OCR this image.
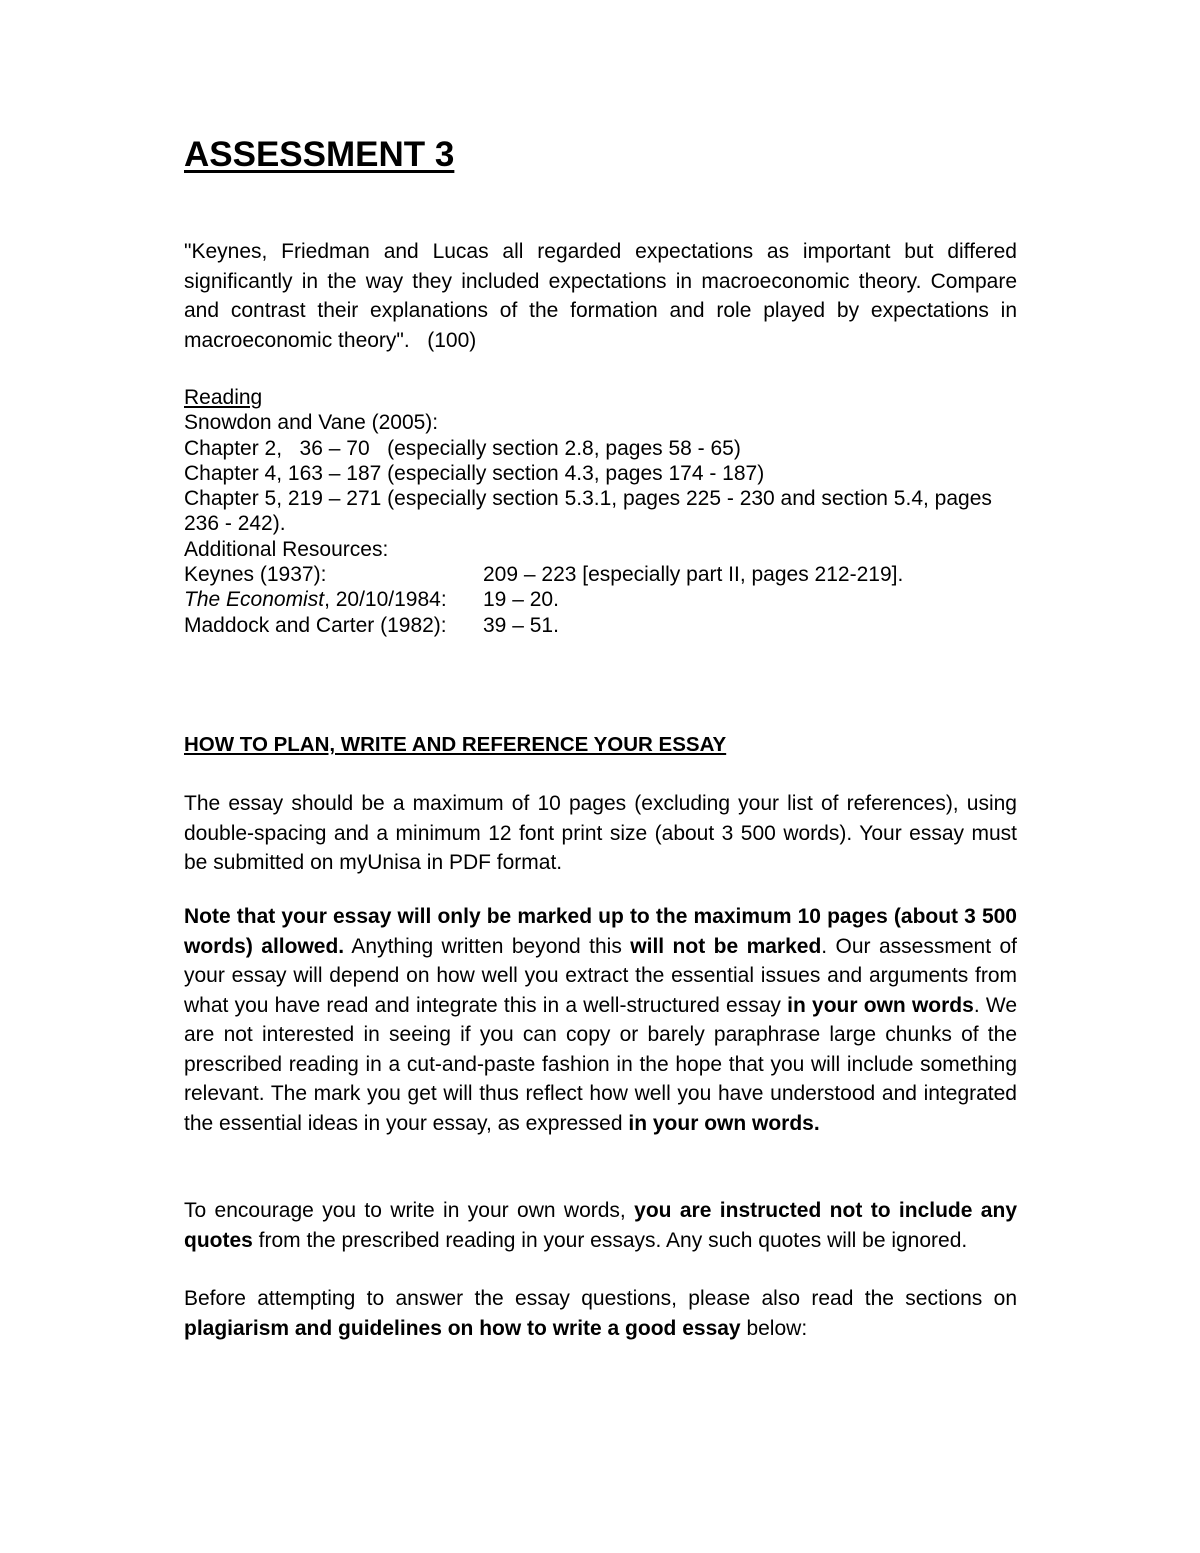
ASSESSMENT 3

"Keynes, Friedman and Lucas all regarded expectations as important but differed significantly in the way they included expectations in macroeconomic theory. Compare and contrast their explanations of the formation and role played by expectations in macroeconomic theory". (100)

Reading
Snowdon and Vane (2005):
Chapter 2,   36 – 70   (especially section 2.8, pages 58 - 65)
Chapter 4, 163 – 187 (especially section 4.3, pages 174 - 187)
Chapter 5, 219 – 271 (especially section 5.3.1, pages 225 - 230 and section 5.4, pages
236 - 242).
Additional Resources:
Keynes (1937):	209 – 223 [especially part II, pages 212-219].
The Economist, 20/10/1984:	19 – 20.
Maddock and Carter (1982):	39 – 51.
HOW TO PLAN, WRITE AND REFERENCE YOUR ESSAY

The essay should be a maximum of 10 pages (excluding your list of references), using double-spacing and a minimum 12 font print size (about 3 500 words). Your essay must be submitted on myUnisa in PDF format.

Note that your essay will only be marked up to the maximum 10 pages (about 3 500 words) allowed. Anything written beyond this will not be marked. Our assessment of your essay will depend on how well you extract the essential issues and arguments from what you have read and integrate this in a well-structured essay in your own words. We are not interested in seeing if you can copy or barely paraphrase large chunks of the prescribed reading in a cut-and-paste fashion in the hope that you will include something relevant. The mark you get will thus reflect how well you have understood and integrated the essential ideas in your essay, as expressed in your own words.

To encourage you to write in your own words, you are instructed not to include any quotes from the prescribed reading in your essays. Any such quotes will be ignored.

Before attempting to answer the essay questions, please also read the sections on plagiarism and guidelines on how to write a good essay below:
